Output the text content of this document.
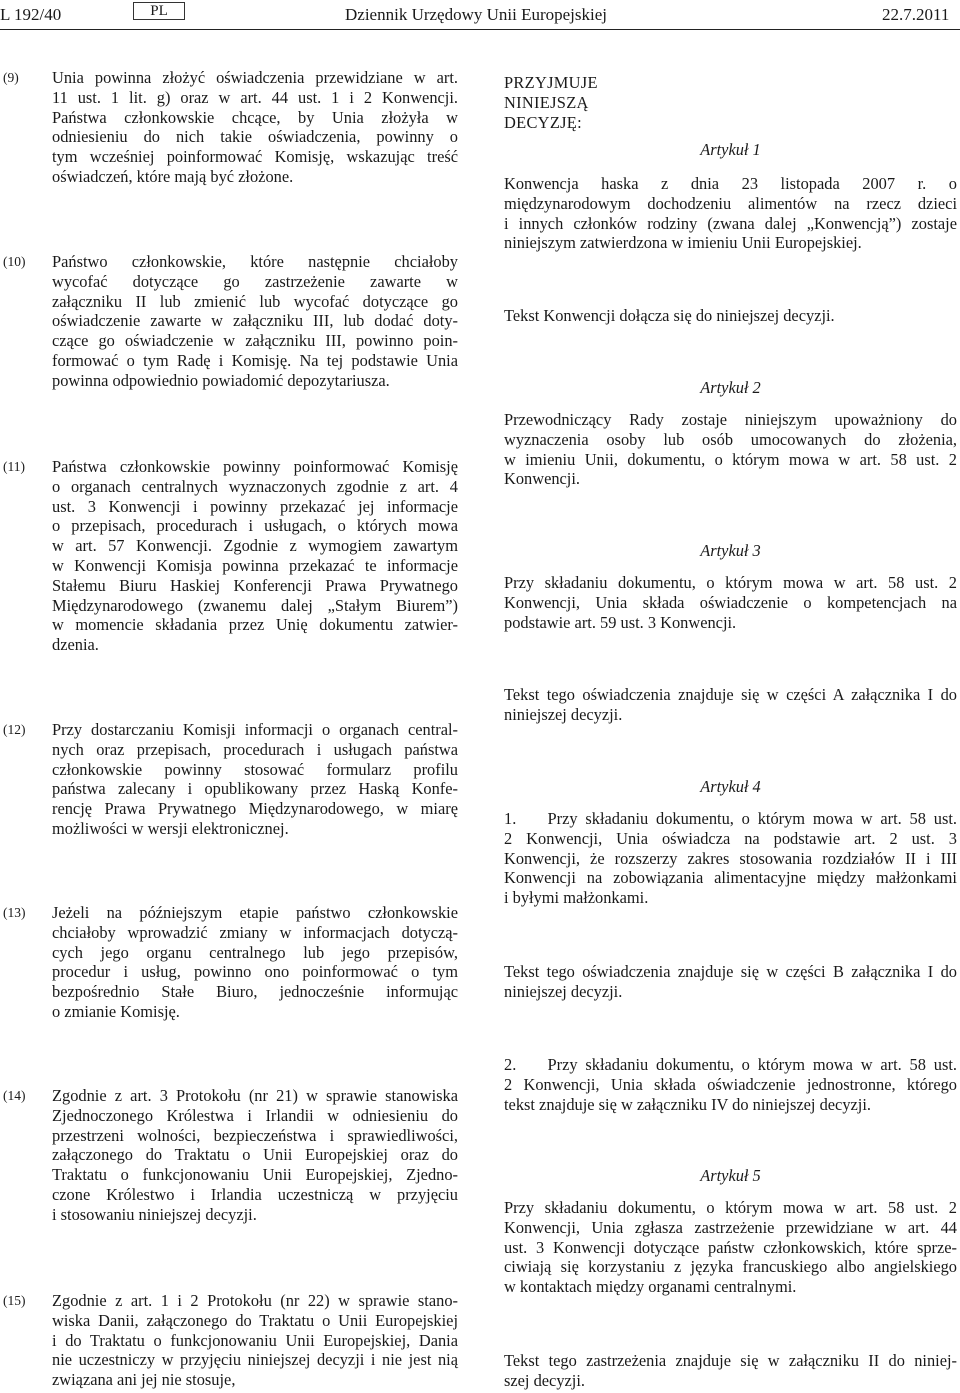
L 192/40	PL	Dziennik Urzędowy Unii Europejskiej	22.7.2011
(9) Unia powinna złożyć oświadczenia przewidziane w art.
11 ust. 1 lit. g) oraz w art. 44 ust. 1 i 2 Konwencji.
Państwa członkowskie chcące, by Unia złożyła w
odniesieniu do nich takie oświadczenia, powinny o
tym wcześniej poinformować Komisję, wskazując treść
oświadczeń, które mają być złożone.
(10) Państwo członkowskie, które następnie chciałoby
wycofać dotyczące go zastrzeżenie zawarte w
załączniku II lub zmienić lub wycofać dotyczące go
oświadczenie zawarte w załączniku III, lub dodać doty-
czące go oświadczenie w załączniku III, powinno poin-
formować o tym Radę i Komisję. Na tej podstawie Unia
powinna odpowiednio powiadomić depozytariusza.
(11) Państwa członkowskie powinny poinformować Komisję
o organach centralnych wyznaczonych zgodnie z art. 4
ust. 3 Konwencji i powinny przekazać jej informacje
o przepisach, procedurach i usługach, o których mowa
w art. 57 Konwencji. Zgodnie z wymogiem zawartym
w Konwencji Komisja powinna przekazać te informacje
Stałemu Biuru Haskiej Konferencji Prawa Prywatnego
Międzynarodowego (zwanemu dalej „Stałym Biurem”)
w momencie składania przez Unię dokumentu zatwier-
dzenia.
(12) Przy dostarczaniu Komisji informacji o organach central-
nych oraz przepisach, procedurach i usługach państwa
członkowskie powinny stosować formularz profilu
państwa zalecany i opublikowany przez Haską Konfe-
rencję Prawa Prywatnego Międzynarodowego, w miarę
możliwości w wersji elektronicznej.
(13) Jeżeli na późniejszym etapie państwo członkowskie
chciałoby wprowadzić zmiany w informacjach dotyczą-
cych jego organu centralnego lub jego przepisów,
procedur i usług, powinno ono poinformować o tym
bezpośrednio Stałe Biuro, jednocześnie informując
o zmianie Komisję.
(14) Zgodnie z art. 3 Protokołu (nr 21) w sprawie stanowiska
Zjednoczonego Królestwa i Irlandii w odniesieniu do
przestrzeni wolności, bezpieczeństwa i sprawiedliwości,
załączonego do Traktatu o Unii Europejskiej oraz do
Traktatu o funkcjonowaniu Unii Europejskiej, Zjedno-
czone Królestwo i Irlandia uczestniczą w przyjęciu
i stosowaniu niniejszej decyzji.
(15) Zgodnie z art. 1 i 2 Protokołu (nr 22) w sprawie stano-
wiska Danii, załączonego do Traktatu o Unii Europejskiej
i do Traktatu o funkcjonowaniu Unii Europejskiej, Dania
nie uczestniczy w przyjęciu niniejszej decyzji i nie jest nią
związana ani jej nie stosuje,
PRZYJMUJE NINIEJSZĄ DECYZJĘ:
Artykuł 1
Konwencja haska z dnia 23 listopada 2007 r. o
międzynarodowym dochodzeniu alimentów na rzecz dzieci
i innych członków rodziny (zwana dalej „Konwencją”) zostaje
niniejszym zatwierdzona w imieniu Unii Europejskiej.
Tekst Konwencji dołącza się do niniejszej decyzji.
Artykuł 2
Przewodniczący Rady zostaje niniejszym upoważniony do
wyznaczenia osoby lub osób umocowanych do złożenia,
w imieniu Unii, dokumentu, o którym mowa w art. 58 ust. 2
Konwencji.
Artykuł 3
Przy składaniu dokumentu, o którym mowa w art. 58 ust. 2
Konwencji, Unia składa oświadczenie o kompetencjach na
podstawie art. 59 ust. 3 Konwencji.
Tekst tego oświadczenia znajduje się w części A załącznika I do
niniejszej decyzji.
Artykuł 4
1.    Przy składaniu dokumentu, o którym mowa w art. 58 ust.
2 Konwencji, Unia oświadcza na podstawie art. 2 ust. 3
Konwencji, że rozszerzy zakres stosowania rozdziałów II i III
Konwencji na zobowiązania alimentacyjne między małżonkami
i byłymi małżonkami.
Tekst tego oświadczenia znajduje się w części B załącznika I do
niniejszej decyzji.
2.    Przy składaniu dokumentu, o którym mowa w art. 58 ust.
2 Konwencji, Unia składa oświadczenie jednostronne, którego
tekst znajduje się w załączniku IV do niniejszej decyzji.
Artykuł 5
Przy składaniu dokumentu, o którym mowa w art. 58 ust. 2
Konwencji, Unia zgłasza zastrzeżenie przewidziane w art. 44
ust. 3 Konwencji dotyczące państw członkowskich, które sprze-
ciwiają się korzystaniu z języka francuskiego albo angielskiego
w kontaktach między organami centralnymi.
Tekst tego zastrzeżenia znajduje się w załączniku II do niniej-
szej decyzji.
